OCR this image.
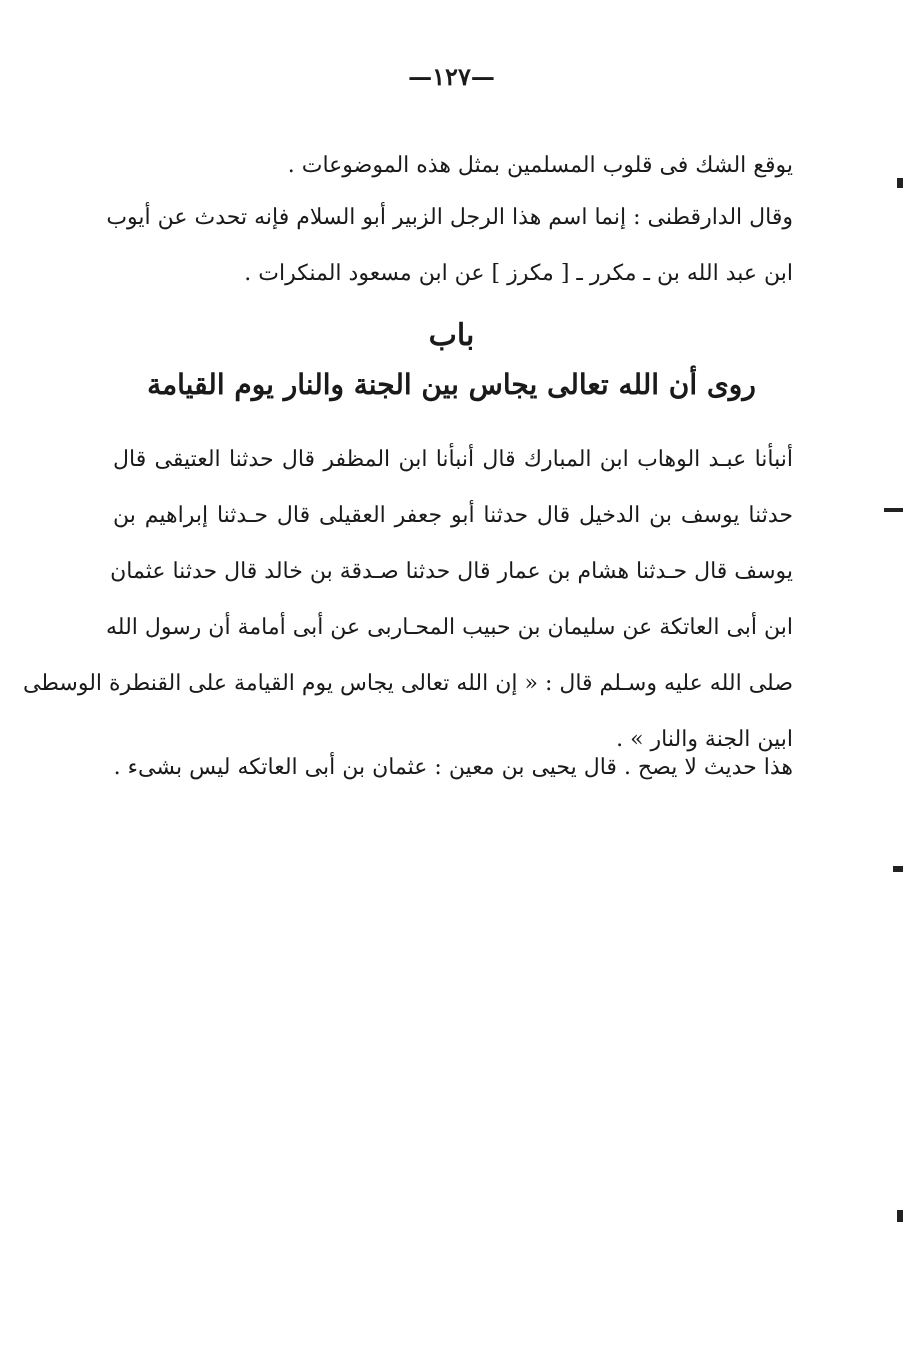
—١٢٧—
يوقع الشك فى قلوب المسلمين بمثل هذه الموضوعات .
وقال الدارقطنى : إنما اسم هذا الرجل الزبير أبو السلام فإنه تحدث عن أيوب
ابن عبد الله بن ـ مكرر ـ [ مكرز ] عن ابن مسعود المنكرات .
باب
روى أن الله تعالى يجاس بين الجنة والنار يوم القيامة
أنبأنا عبـد الوهاب ابن المبارك قال أنبأنا ابن المظفر قال حدثنا العتيقى قال
حدثنا يوسف بن الدخيل قال حدثنا أبو جعفر العقيلى قال حـدثنا إبراهيم بن
يوسف قال حـدثنا هشام بن عمار قال حدثنا صـدقة بن خالد قال حدثنا عثمان
ابن أبى العاتكة عن سليمان بن حبيب المحـاربى عن أبى أمامة أن رسول الله
صلى الله عليه وسـلم قال : « إن الله تعالى يجاس يوم القيامة على القنطرة الوسطى
ابين الجنة والنار » .
هذا حديث لا يصح . قال يحيى بن معين : عثمان بن أبى العاتكه ليس بشىء .
